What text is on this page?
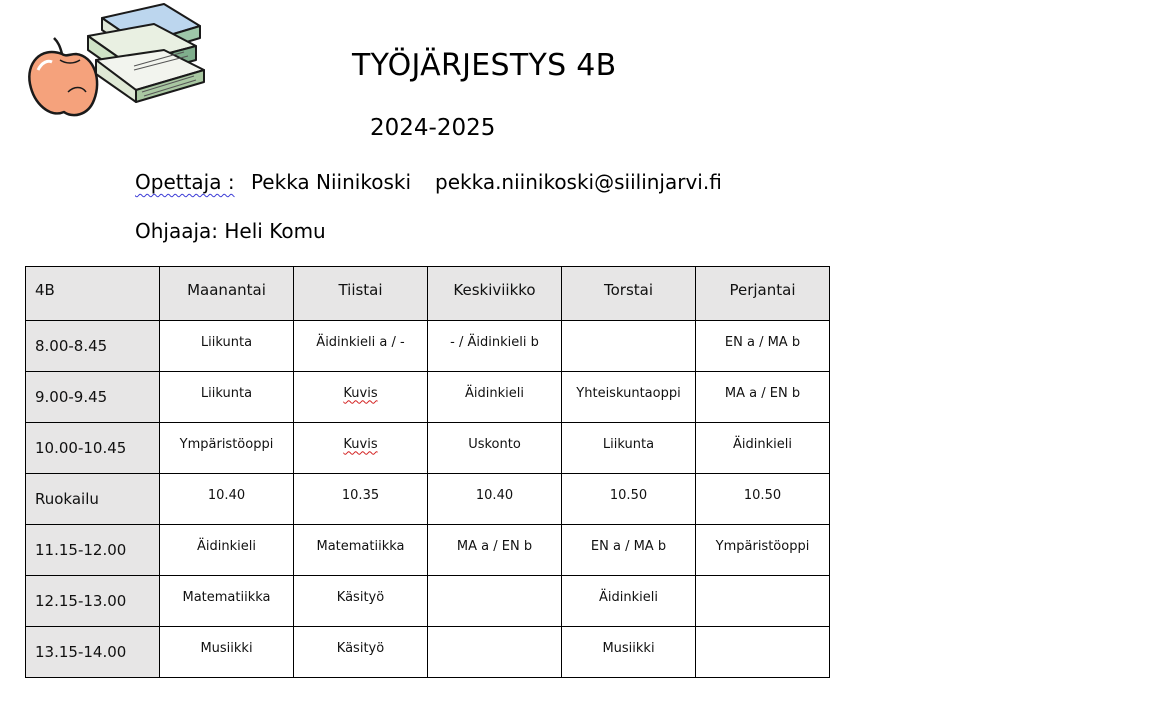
TYÖJÄRJESTYS 4B
2024-2025
Opettaja : Pekka Niinikoski pekka.niinikoski@siilinjarvi.fi
Ohjaaja: Heli Komu
4B	Maanantai	Tiistai	Keskiviikko	Torstai	Perjantai
8.00-8.45	Liikunta	Äidinkieli a / -	- / Äidinkieli b		EN a / MA b
9.00-9.45	Liikunta	Kuvis	Äidinkieli	Yhteiskuntaoppi	MA a / EN b
10.00-10.45	Ympäristöoppi	Kuvis	Uskonto	Liikunta	Äidinkieli
Ruokailu	10.40	10.35	10.40	10.50	10.50
11.15-12.00	Äidinkieli	Matematiikka	MA a / EN b	EN a / MA b	Ympäristöoppi
12.15-13.00	Matematiikka	Käsityö		Äidinkieli	
13.15-14.00	Musiikki	Käsityö		Musiikki	
